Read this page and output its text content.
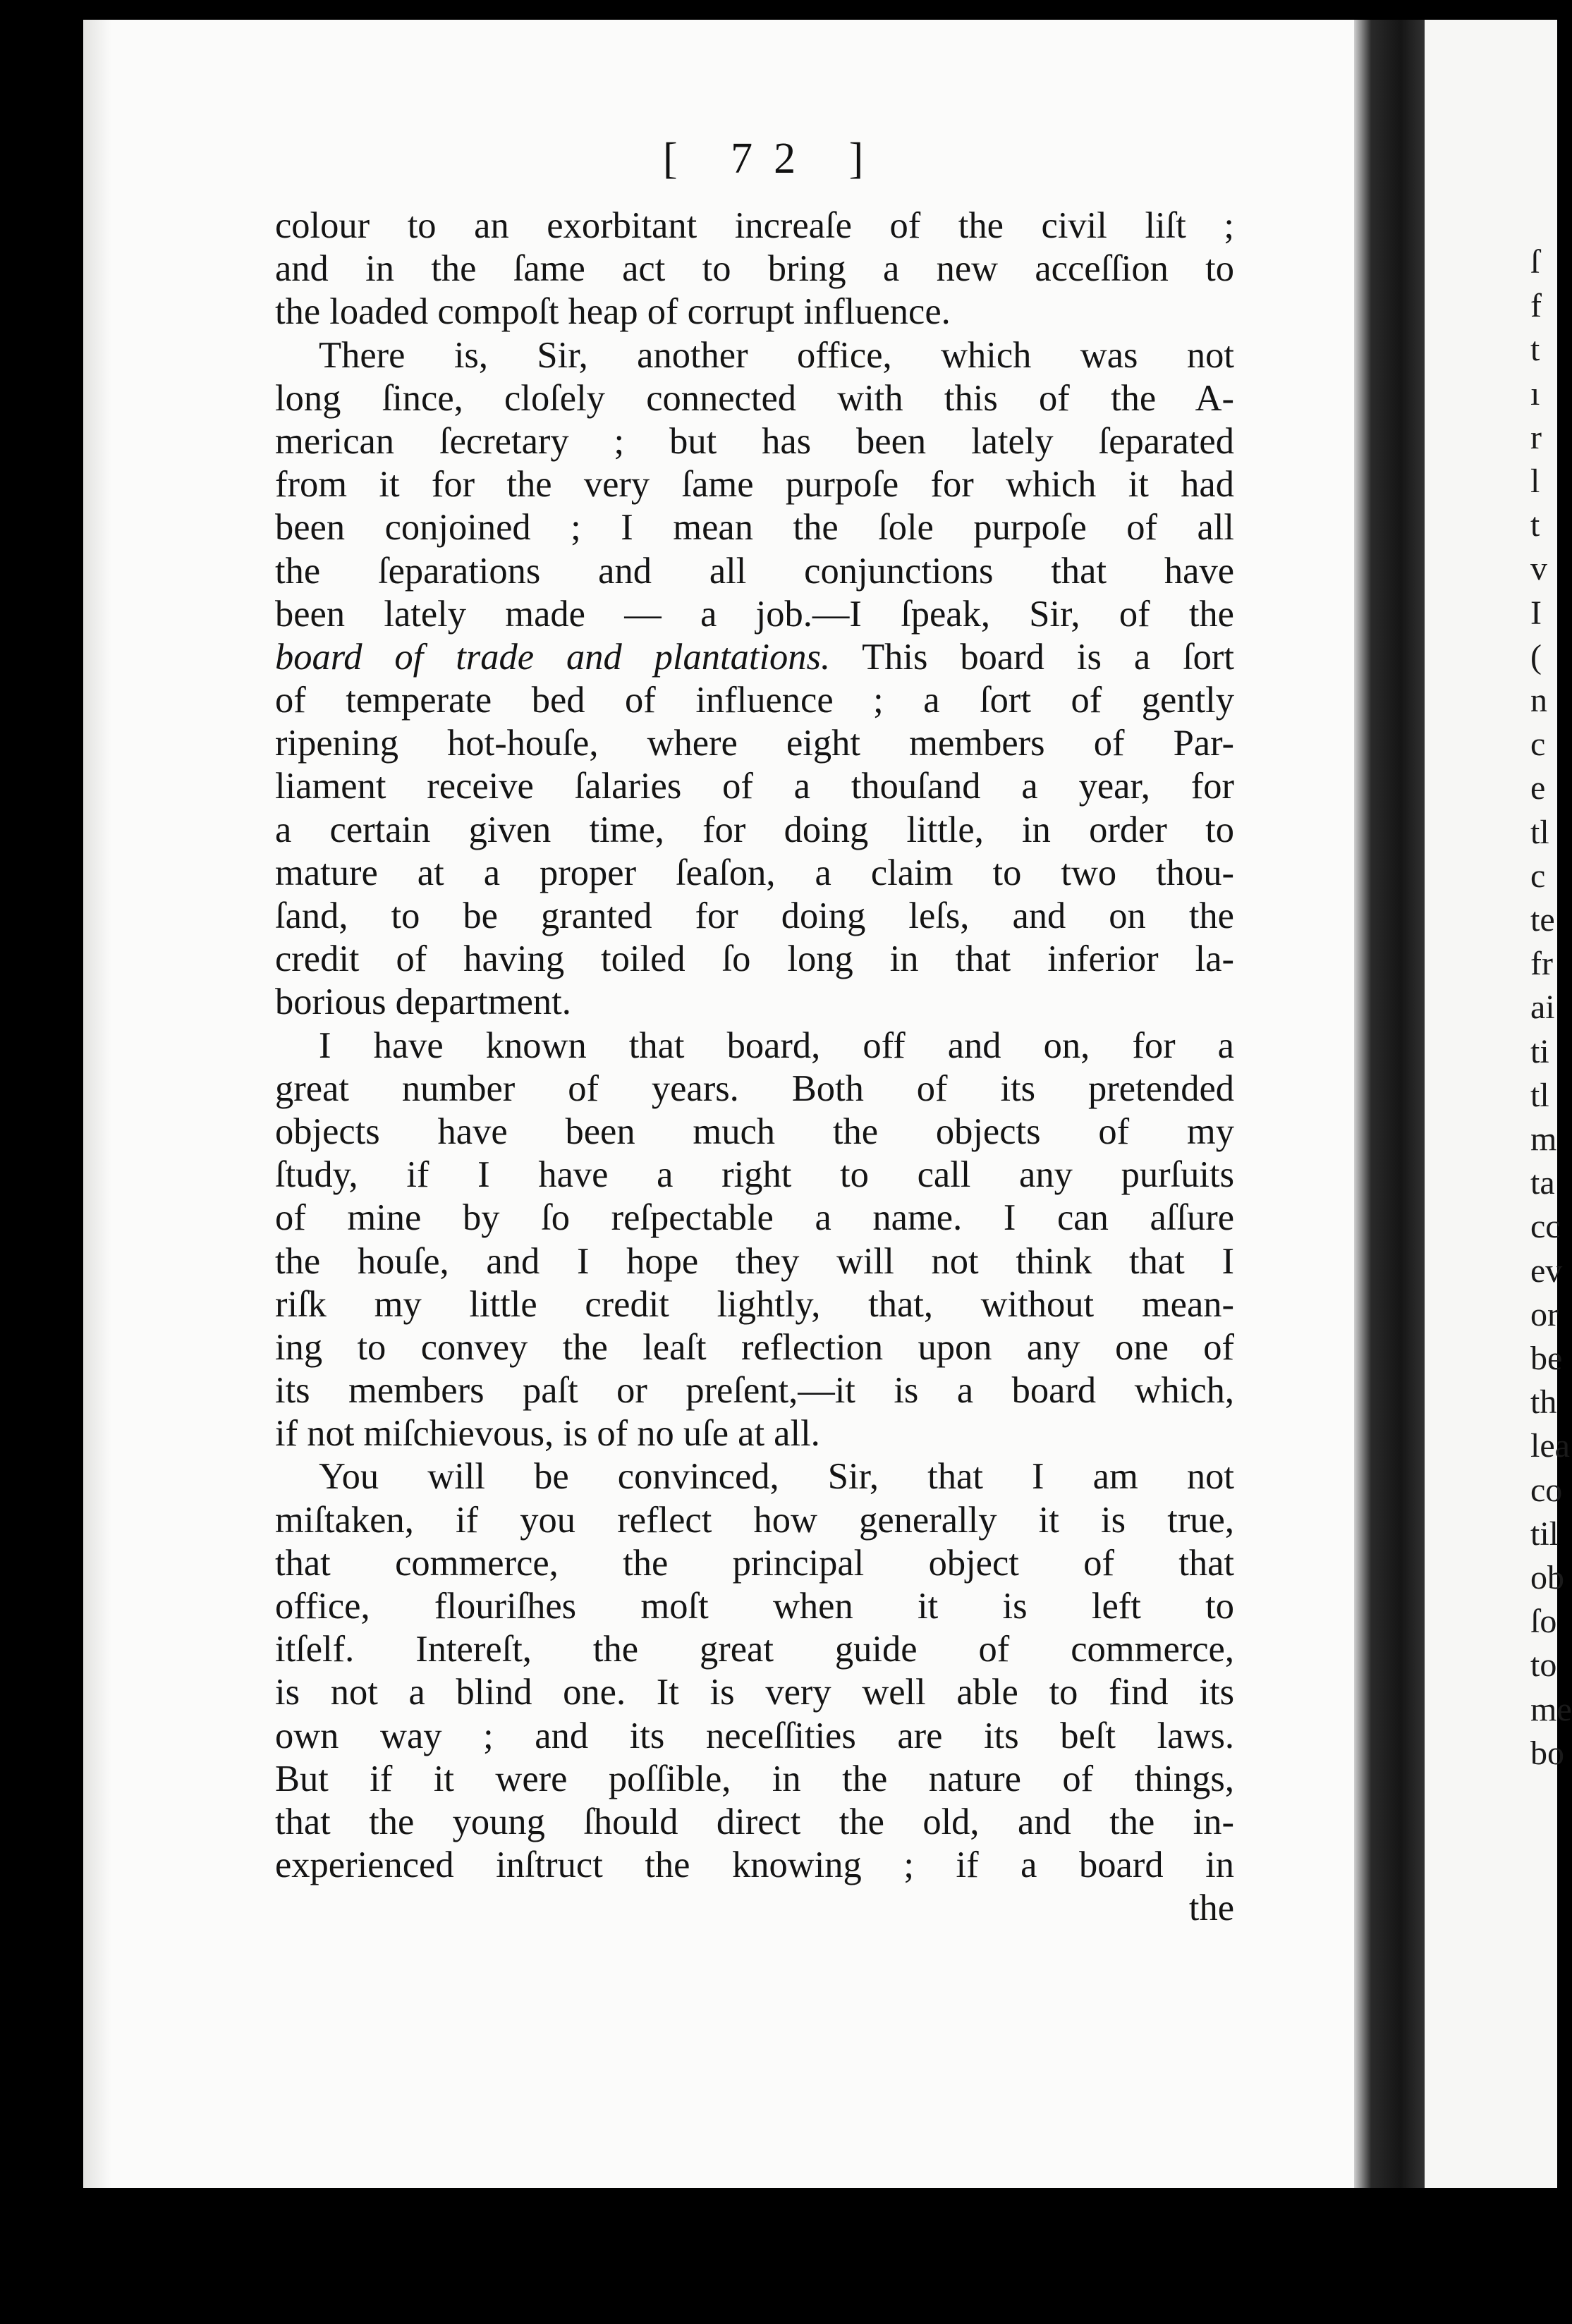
ſ
f
t
ı
r
l
t
v
I
(
n
c
e
tl
c
te
fr
ai
ti
tl
m
ta
cc
ev
or
be
th
lea
co
til
ob
ſo
to
me
bo
[ 72 ]
colour to an exorbitant increaſe of the civil liſt ;
and in the ſame act to bring a new acceſſion to
the loaded compoſt heap of corrupt influence.
There is, Sir, another office, which was not
long ſince, cloſely connected with this of the A-
merican ſecretary ; but has been lately ſeparated
from it for the very ſame purpoſe for which it had
been conjoined ; I mean the ſole purpoſe of all
the ſeparations and all conjunctions that have
been lately made — a job.—I ſpeak, Sir, of the
board of trade and plantations. This board is a ſort
of temperate bed of influence ; a ſort of gently
ripening hot-houſe, where eight members of Par-
liament receive ſalaries of a thouſand a year, for
a certain given time, for doing little, in order to
mature at a proper ſeaſon, a claim to two thou-
ſand, to be granted for doing leſs, and on the
credit of having toiled ſo long in that inferior la-
borious department.
I have known that board, off and on, for a
great number of years. Both of its pretended
objects have been much the objects of my
ſtudy, if I have a right to call any purſuits
of mine by ſo reſpectable a name. I can aſſure
the houſe, and I hope they will not think that I
riſk my little credit lightly, that, without mean-
ing to convey the leaſt reflection upon any one of
its members paſt or preſent,—it is a board which,
if not miſchievous, is of no uſe at all.
You will be convinced, Sir, that I am not
miſtaken, if you reflect how generally it is true,
that commerce, the principal object of that
office, flouriſhes moſt when it is left to
itſelf. Intereſt, the great guide of commerce,
is not a blind one. It is very well able to find its
own way ; and its neceſſities are its beſt laws.
But if it were poſſible, in the nature of things,
that the young ſhould direct the old, and the in-
experienced inſtruct the knowing ; if a board in
the
